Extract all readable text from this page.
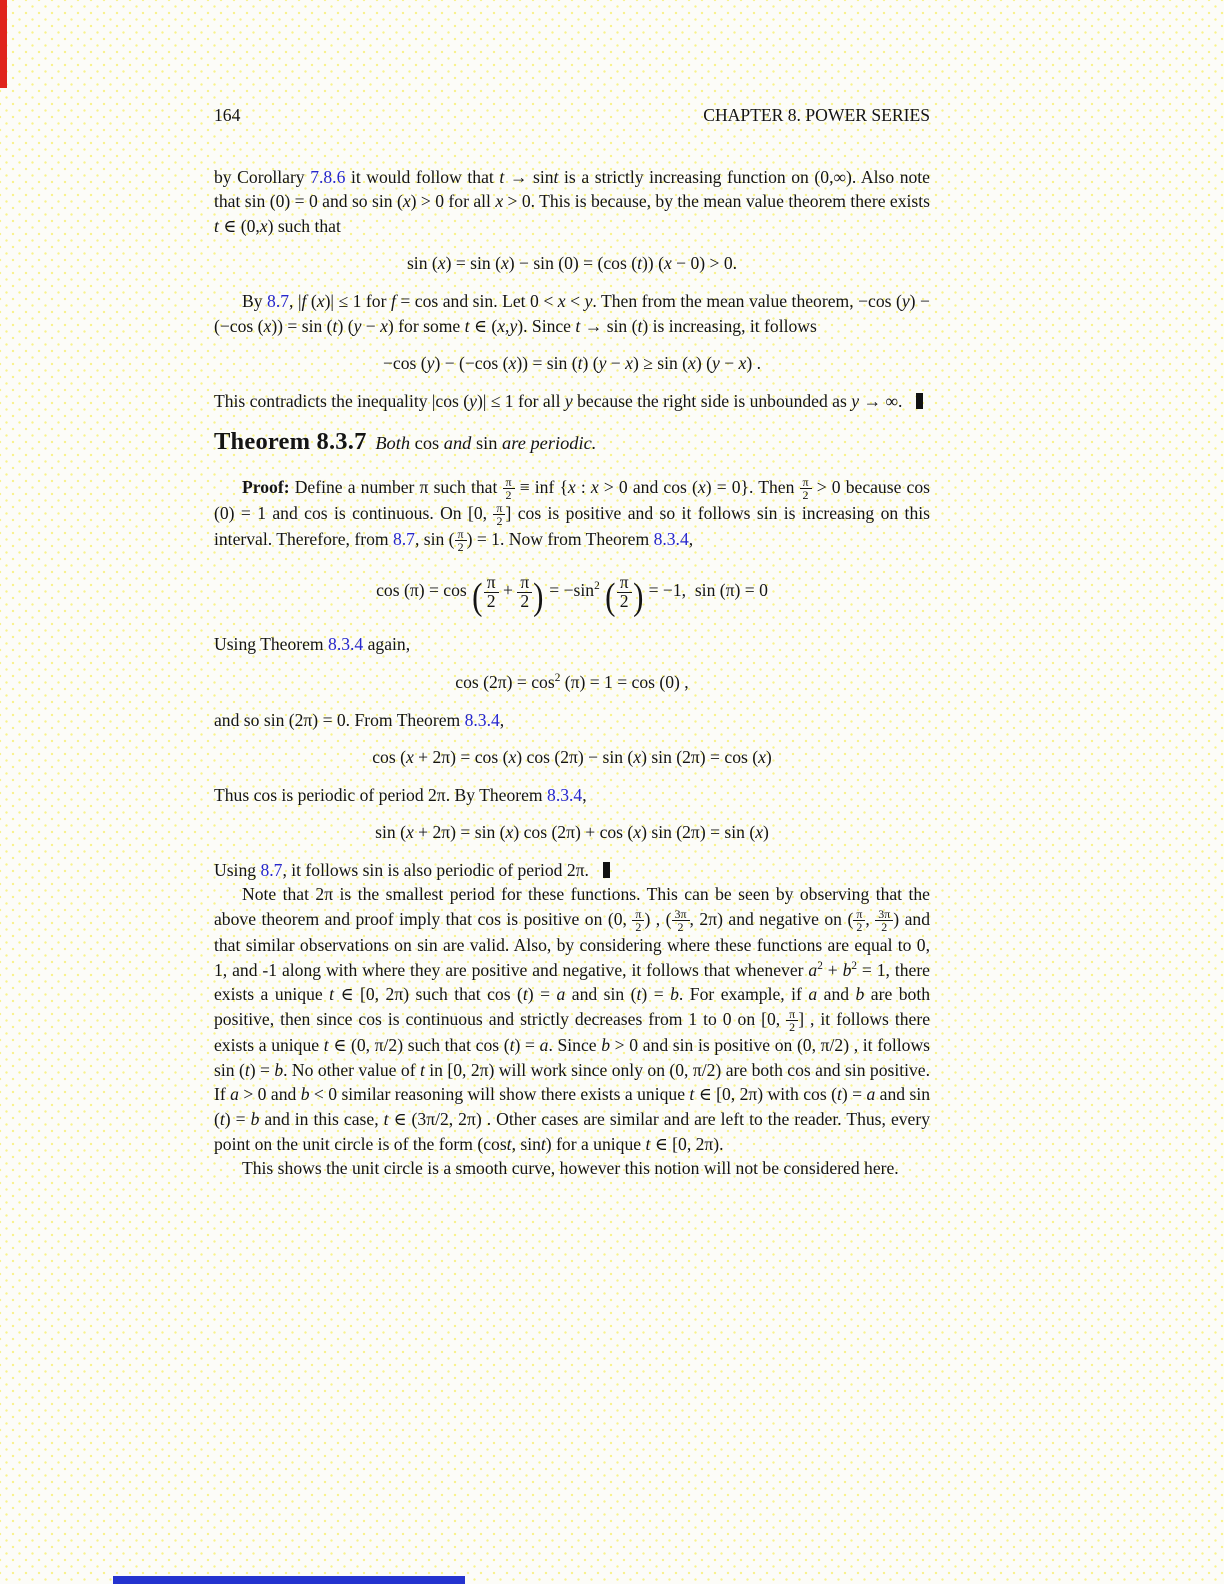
164	CHAPTER 8. POWER SERIES
by Corollary 7.8.6 it would follow that t → sint is a strictly increasing function on (0,∞). Also note that sin (0) = 0 and so sin (x) > 0 for all x > 0. This is because, by the mean value theorem there exists t ∈ (0,x) such that
sin (x) = sin (x) − sin (0) = (cos (t)) (x − 0) > 0.
By 8.7, |f (x)| ≤ 1 for f = cos and sin. Let 0 < x < y. Then from the mean value theorem, −cos (y) − (−cos (x)) = sin (t) (y − x) for some t ∈ (x,y). Since t → sin (t) is increasing, it follows
−cos (y) − (−cos (x)) = sin (t) (y − x) ≥ sin (x) (y − x) .
This contradicts the inequality |cos (y)| ≤ 1 for all y because the right side is unbounded as y → ∞.
Theorem 8.3.7  Both cos and sin are periodic.
Proof: Define a number π such that $\frac{\pi}{2}$ ≡ inf {x : x > 0 and cos (x) = 0}. Then $\frac{\pi}{2} > 0$ because cos (0) = 1 and cos is continuous. On [0, $\frac{\pi}{2}$ ] cos is positive and so it follows sin is increasing on this interval. Therefore, from 8.7, sin ( $\frac{\pi}{2}$ ) = 1. Now from Theorem 8.3.4,
cos (π) = cos ( $\frac{\pi}{2} + \frac{\pi}{2}$ ) = $-\sin^2$ ( $\frac{\pi}{2}$ ) = −1, sin (π) = 0
Using Theorem 8.3.4 again,
$\cos (2\pi) = \cos^2 (\pi) = 1 = \cos (0)$ ,
and so sin (2π) = 0. From Theorem 8.3.4,
cos (x + 2π) = cos (x) cos (2π) − sin (x) sin (2π) = cos (x)
Thus cos is periodic of period 2π. By Theorem 8.3.4,
sin (x + 2π) = sin (x) cos (2π) + cos (x) sin (2π) = sin (x)
Using 8.7, it follows sin is also periodic of period 2π.
Note that 2π is the smallest period for these functions. This can be seen by observing that the above theorem and proof imply that cos is positive on (0, $\frac{\pi}{2}$ ) , ( $\frac{3\pi}{2}$ , 2π) and negative on ( $\frac{\pi}{2}$ , $\frac{3\pi}{2}$ ) and that similar observations on sin are valid. Also, by considering where these functions are equal to 0, 1, and -1 along with where they are positive and negative, it follows that whenever $a^2 + b^2 = 1$, there exists a unique t ∈ [0, 2π) such that cos (t) = a and sin (t) = b. For example, if a and b are both positive, then since cos is continuous and strictly decreases from 1 to 0 on [0, $\frac{\pi}{2}$ ] , it follows there exists a unique t ∈ (0, π/2) such that cos (t) = a. Since b > 0 and sin is positive on (0, π/2) , it follows sin (t) = b. No other value of t in [0, 2π) will work since only on (0, π/2) are both cos and sin positive. If a > 0 and b < 0 similar reasoning will show there exists a unique t ∈ [0, 2π) with cos (t) = a and sin (t) = b and in this case, t ∈ (3π/2, 2π) . Other cases are similar and are left to the reader. Thus, every point on the unit circle is of the form (cost, sint) for a unique t ∈ [0, 2π).
This shows the unit circle is a smooth curve, however this notion will not be considered here.
